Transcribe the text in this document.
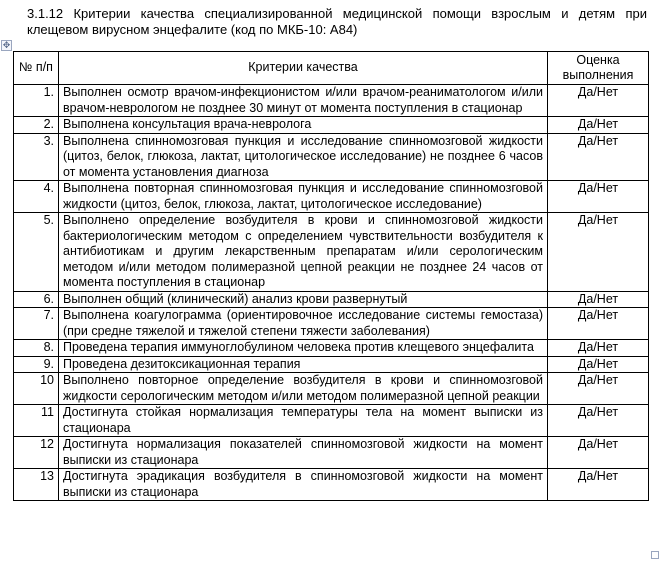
3.1.12 Критерии качества специализированной медицинской помощи взрослым и детям при клещевом вирусном энцефалите (код по МКБ-10: А84)
✥
№ п/п	Критерии качества	Оценка выполнения
1.	Выполнен осмотр врачом-инфекционистом и/или врачом-реаниматологом и/или врачом-неврологом не позднее 30 минут от момента поступления в стационар	Да/Нет
2.	Выполнена консультация врача-невролога	Да/Нет
3.	Выполнена спинномозговая пункция и исследование спинномозговой жидкости (цитоз, белок, глюкоза, лактат, цитологическое исследование) не позднее 6 часов от момента установления диагноза	Да/Нет
4.	Выполнена повторная спинномозговая пункция и исследование спинномозговой жидкости (цитоз, белок, глюкоза, лактат, цитологическое исследование)	Да/Нет
5.	Выполнено определение возбудителя в крови и спинномозговой жидкости бактериологическим методом с определением чувствительности возбудителя к антибиотикам и другим лекарственным препаратам и/или серологическим методом и/или методом полимеразной цепной реакции не позднее 24 часов от момента поступления в стационар	Да/Нет
6.	Выполнен общий (клинический) анализ крови развернутый	Да/Нет
7.	Выполнена коагулограмма (ориентировочное исследование системы гемостаза) (при средне тяжелой и тяжелой степени тяжести заболевания)	Да/Нет
8.	Проведена терапия иммуноглобулином человека против клещевого энцефалита	Да/Нет
9.	Проведена дезитоксикационная терапия	Да/Нет
10	Выполнено повторное определение возбудителя в крови и спинномозговой жидкости серологическим методом и/или методом полимеразной цепной реакции	Да/Нет
11	Достигнута стойкая нормализация температуры тела на момент выписки из стационара	Да/Нет
12	Достигнута нормализация показателей спинномозговой жидкости на момент выписки из стационара	Да/Нет
13	Достигнута эрадикация возбудителя в спинномозговой жидкости на момент выписки из стационара	Да/Нет
